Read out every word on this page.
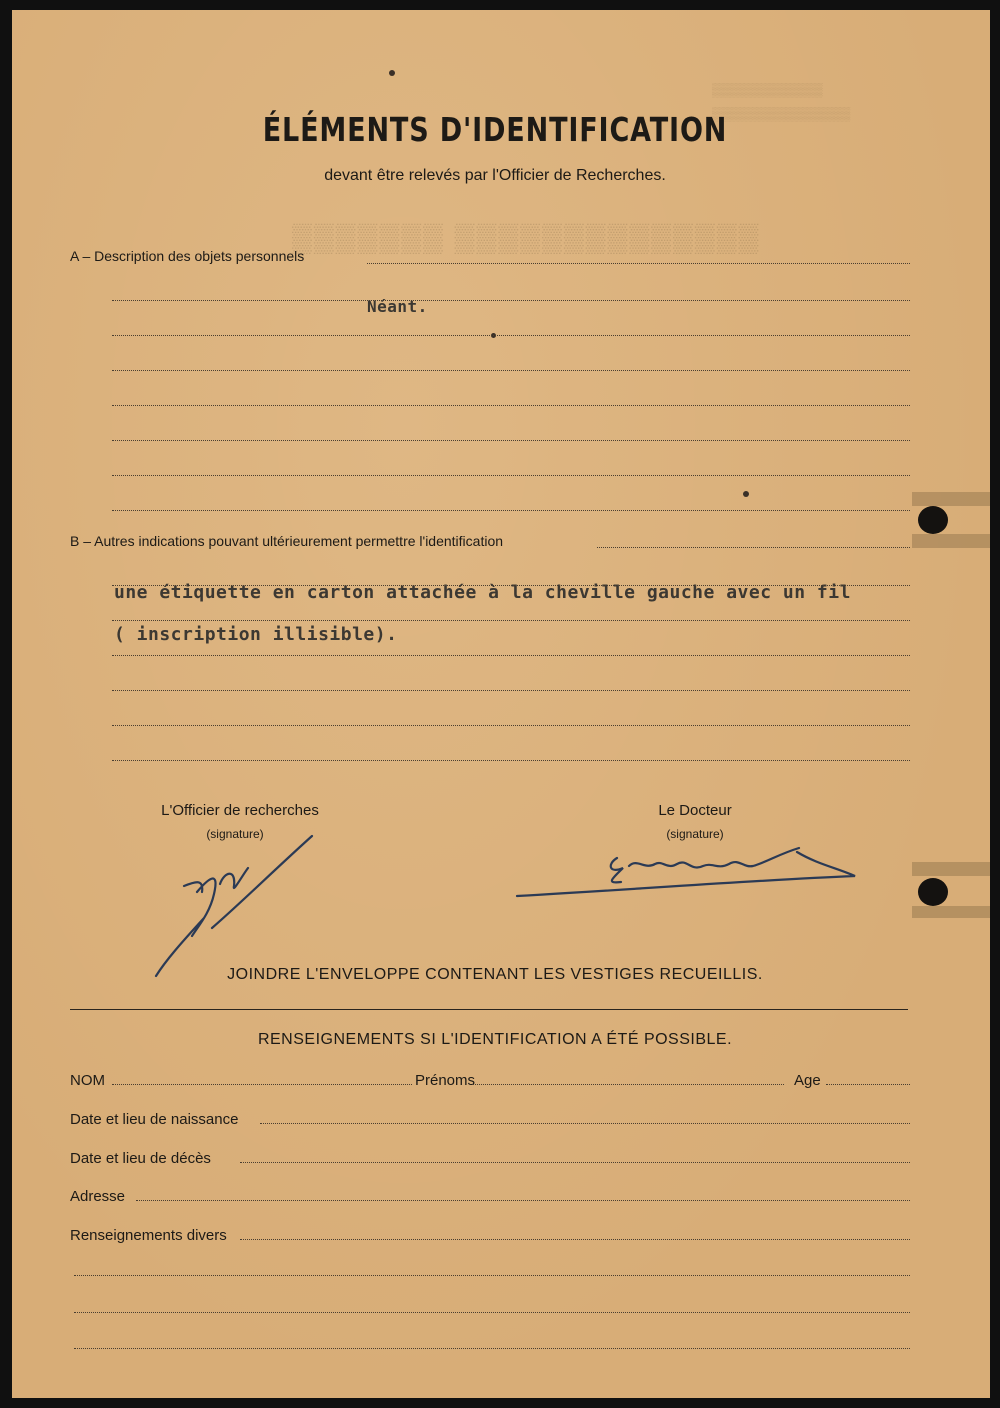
▒▒▒▒▒▒▒ ▒▒▒▒▒▒▒▒▒▒▒▒▒▒
▒▒▒▒▒▒▒▒▒▒▒▒
▒▒▒▒▒▒▒▒▒▒▒▒▒▒▒
ÉLÉMENTS D'IDENTIFICATION
devant être relevés par l'Officier de Recherches.
A – Description des objets personnels
Néant.
B – Autres indications pouvant ultérieurement permettre l'identification
une étiquette en carton attachée à la cheville gauche avec un fil
( inscription illisible).
L'Officier de recherches
(signature)
Le Docteur
(signature)
JOINDRE L'ENVELOPPE CONTENANT LES VESTIGES RECUEILLIS.
RENSEIGNEMENTS SI L'IDENTIFICATION A ÉTÉ POSSIBLE.
NOM	Prénoms	Age
Date et lieu de naissance
Date et lieu de décès
Adresse
Renseignements divers
